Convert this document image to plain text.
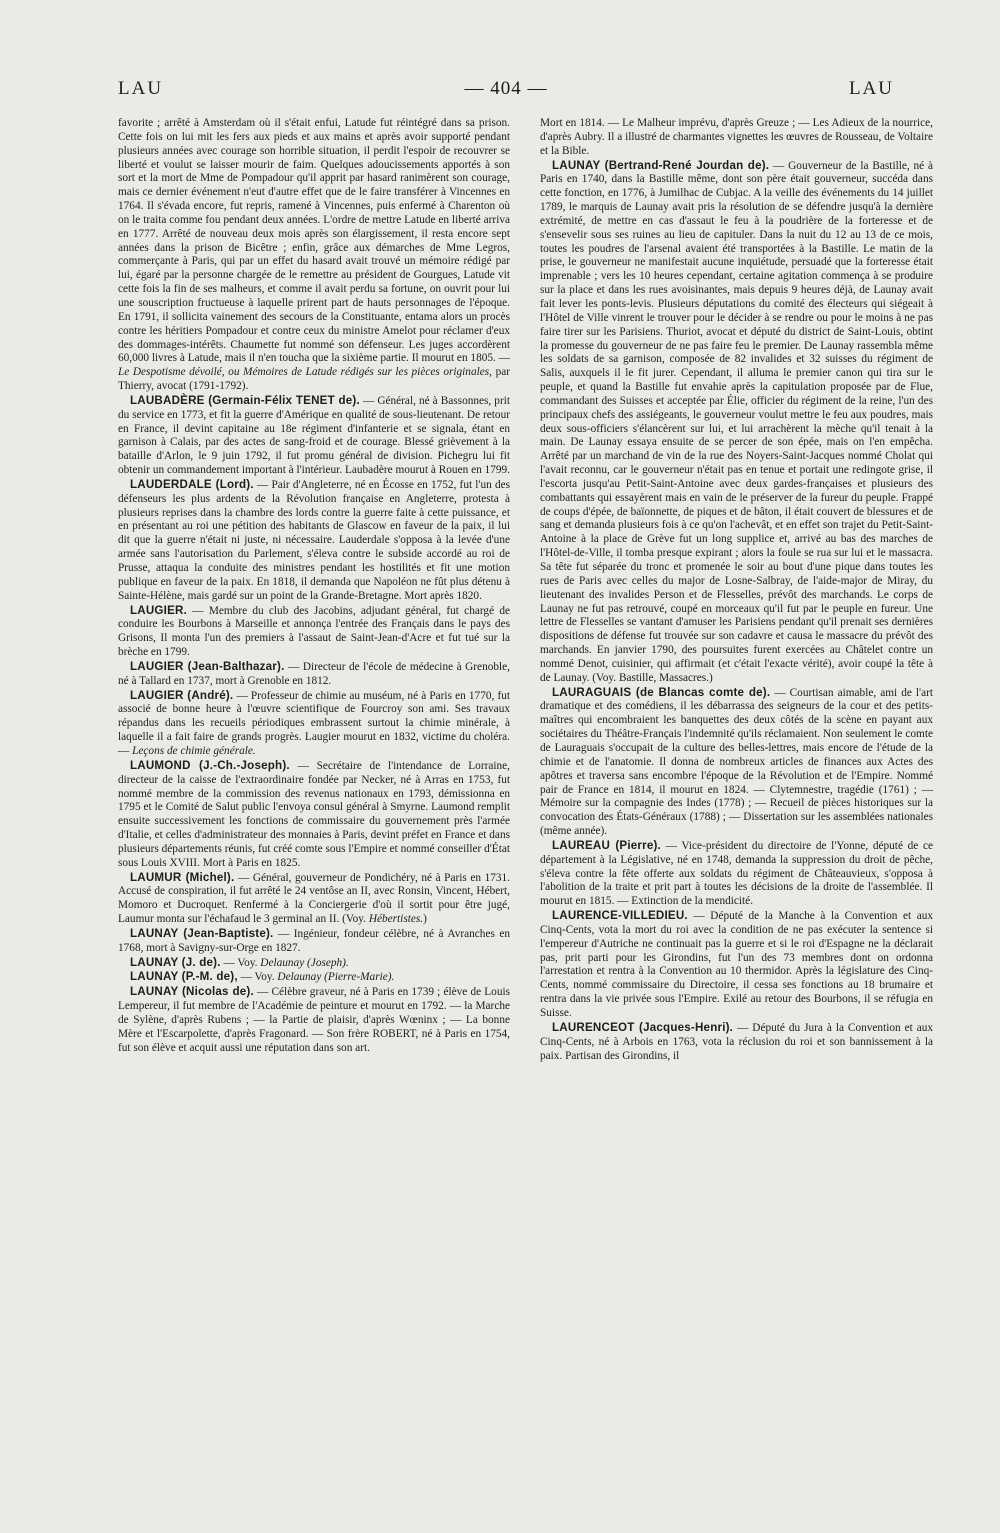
LAU	— 404 —	LAU

favorite ; arrêté à Amsterdam où il s'était enfui, Latude fut réintégré dans sa prison. Cette fois on lui mit les fers aux pieds et aux mains et après avoir supporté pendant plusieurs années avec courage son horrible situation, il perdit l'espoir de recouvrer se liberté et voulut se laisser mourir de faim. Quelques adoucissements apportés à son sort et la mort de Mme de Pompadour qu'il apprit par hasard ranimèrent son courage, mais ce dernier événement n'eut d'autre effet que de le faire transférer à Vincennes en 1764. Il s'évada encore, fut repris, ramené à Vincennes, puis enfermé à Charenton où on le traita comme fou pendant deux années. L'ordre de mettre Latude en liberté arriva en 1777. Arrêté de nouveau deux mois après son élargissement, il resta encore sept années dans la prison de Bicêtre ; enfin, grâce aux démarches de Mme Legros, commerçante à Paris, qui par un effet du hasard avait trouvé un mémoire rédigé par lui, égaré par la personne chargée de le remettre au président de Gourgues, Latude vit cette fois la fin de ses malheurs, et comme il avait perdu sa fortune, on ouvrit pour lui une souscription fructueuse à laquelle prirent part de hauts personnages de l'époque. En 1791, il sollicita vainement des secours de la Constituante, entama alors un procès contre les héritiers Pompadour et contre ceux du ministre Amelot pour réclamer d'eux des dommages-intérêts. Chaumette fut nommé son défenseur. Les juges accordèrent 60,000 livres à Latude, mais il n'en toucha que la sixième partie. Il mourut en 1805. — Le Despotisme dévoilé, ou Mémoires de Latude rédigés sur les pièces originales, par Thierry, avocat (1791-1792).

LAUBADÈRE (Germain-Félix TENET de). — Général, né à Bassonnes, prit du service en 1773, et fit la guerre d'Amérique en qualité de sous-lieutenant. De retour en France, il devint capitaine au 18e régiment d'infanterie et se signala, étant en garnison à Calais, par des actes de sang-froid et de courage. Blessé grièvement à la bataille d'Arlon, le 9 juin 1792, il fut promu général de division. Pichegru lui fit obtenir un commandement important à l'intérieur. Laubadère mourut à Rouen en 1799.

LAUDERDALE (Lord). — Pair d'Angleterre, né en Écosse en 1752, fut l'un des défenseurs les plus ardents de la Révolution française en Angleterre, protesta à plusieurs reprises dans la chambre des lords contre la guerre faite à cette puissance, et en présentant au roi une pétition des habitants de Glascow en faveur de la paix, il lui dit que la guerre n'était ni juste, ni nécessaire. Lauderdale s'opposa à la levée d'une armée sans l'autorisation du Parlement, s'éleva contre le subside accordé au roi de Prusse, attaqua la conduite des ministres pendant les hostilités et fit une motion publique en faveur de la paix. En 1818, il demanda que Napoléon ne fût plus détenu à Sainte-Hélène, mais gardé sur un point de la Grande-Bretagne. Mort après 1820.

LAUGIER. — Membre du club des Jacobins, adjudant général, fut chargé de conduire les Bourbons à Marseille et annonça l'entrée des Français dans le pays des Grisons, Il monta l'un des premiers à l'assaut de Saint-Jean-d'Acre et fut tué sur la brèche en 1799.

LAUGIER (Jean-Balthazar). — Directeur de l'école de médecine à Grenoble, né à Tallard en 1737, mort à Grenoble en 1812.

LAUGIER (André). — Professeur de chimie au muséum, né à Paris en 1770, fut associé de bonne heure à l'œuvre scientifique de Fourcroy son ami. Ses travaux répandus dans les recueils périodiques embrassent surtout la chimie minérale, à laquelle il a fait faire de grands progrès. Laugier mourut en 1832, victime du choléra. — Leçons de chimie générale.

LAUMOND (J.-Ch.-Joseph). — Secrétaire de l'intendance de Lorraine, directeur de la caisse de l'extraordinaire fondée par Necker, né à Arras en 1753, fut nommé membre de la commission des revenus nationaux en 1793, démissionna en 1795 et le Comité de Salut public l'envoya consul général à Smyrne. Laumond remplit ensuite successivement les fonctions de commissaire du gouvernement près l'armée d'Italie, et celles d'administrateur des monnaies à Paris, devint préfet en France et dans plusieurs départements réunis, fut créé comte sous l'Empire et nommé conseiller d'État sous Louis XVIII. Mort à Paris en 1825.

LAUMUR (Michel). — Général, gouverneur de Pondichéry, né à Paris en 1731. Accusé de conspiration, il fut arrêté le 24 ventôse an II, avec Ronsin, Vincent, Hébert, Momoro et Ducroquet. Renfermé à la Conciergerie d'où il sortit pour être jugé, Laumur monta sur l'échafaud le 3 germinal an II. (Voy. Hébertistes.)

LAUNAY (Jean-Baptiste). — Ingénieur, fondeur célèbre, né à Avranches en 1768, mort à Savigny-sur-Orge en 1827.

LAUNAY (J. de). — Voy. Delaunay (Joseph).

LAUNAY (P.-M. de), — Voy. Delaunay (Pierre-Marie).

LAUNAY (Nicolas de). — Célèbre graveur, né à Paris en 1739 ; élève de Louis Lempereur, il fut membre de l'Académie de peinture et mourut en 1792. — la Marche de Sylène, d'après Rubens ; — la Partie de plaisir, d'après Wœninx ; — La bonne Mère et l'Escarpolette, d'après Fragonard. — Son frère ROBERT, né à Paris en 1754, fut son élève et acquit aussi une réputation dans son art.

Mort en 1814. — Le Malheur imprévu, d'après Greuze ; — Les Adieux de la nourrice, d'après Aubry. Il a illustré de charmantes vignettes les œuvres de Rousseau, de Voltaire et la Bible.

LAUNAY (Bertrand-René Jourdan de). — Gouverneur de la Bastille, né à Paris en 1740, dans la Bastille même, dont son père était gouverneur, succéda dans cette fonction, en 1776, à Jumilhac de Cubjac. A la veille des événements du 14 juillet 1789, le marquis de Launay avait pris la résolution de se défendre jusqu'à la dernière extrémité, de mettre en cas d'assaut le feu à la poudrière de la forteresse et de s'ensevelir sous ses ruines au lieu de capituler. Dans la nuit du 12 au 13 de ce mois, toutes les poudres de l'arsenal avaient été transportées à la Bastille. Le matin de la prise, le gouverneur ne manifestait aucune inquiétude, persuadé que la forteresse était imprenable ; vers les 10 heures cependant, certaine agitation commença à se produire sur la place et dans les rues avoisinantes, mais depuis 9 heures déjà, de Launay avait fait lever les ponts-levis. Plusieurs députations du comité des électeurs qui siégeait à l'Hôtel de Ville vinrent le trouver pour le décider à se rendre ou pour le moins à ne pas faire tirer sur les Parisiens. Thuriot, avocat et député du district de Saint-Louis, obtint la promesse du gouverneur de ne pas faire feu le premier. De Launay rassembla même les soldats de sa garnison, composée de 82 invalides et 32 suisses du régiment de Salis, auxquels il le fit jurer. Cependant, il alluma le premier canon qui tira sur le peuple, et quand la Bastille fut envahie après la capitulation proposée par de Flue, commandant des Suisses et acceptée par Élie, officier du régiment de la reine, l'un des principaux chefs des assiégeants, le gouverneur voulut mettre le feu aux poudres, mais deux sous-officiers s'élancèrent sur lui, et lui arrachèrent la mèche qu'il tenait à la main. De Launay essaya ensuite de se percer de son épée, mais on l'en empêcha. Arrêté par un marchand de vin de la rue des Noyers-Saint-Jacques nommé Cholat qui l'avait reconnu, car le gouverneur n'était pas en tenue et portait une redingote grise, il l'escorta jusqu'au Petit-Saint-Antoine avec deux gardes-françaises et plusieurs des combattants qui essayèrent mais en vain de le préserver de la fureur du peuple. Frappé de coups d'épée, de baïonnette, de piques et de bâton, il était couvert de blessures et de sang et demanda plusieurs fois à ce qu'on l'achevât, et en effet son trajet du Petit-Saint-Antoine à la place de Grève fut un long supplice et, arrivé au bas des marches de l'Hôtel-de-Ville, il tomba presque expirant ; alors la foule se rua sur lui et le massacra. Sa tête fut séparée du tronc et promenée le soir au bout d'une pique dans toutes les rues de Paris avec celles du major de Losne-Salbray, de l'aide-major de Miray, du lieutenant des invalides Person et de Flesselles, prévôt des marchands. Le corps de Launay ne fut pas retrouvé, coupé en morceaux qu'il fut par le peuple en fureur. Une lettre de Flesselles se vantant d'amuser les Parisiens pendant qu'il prenait ses dernières dispositions de défense fut trouvée sur son cadavre et causa le massacre du prévôt des marchands. En janvier 1790, des poursuites furent exercées au Châtelet contre un nommé Denot, cuisinier, qui affirmait (et c'était l'exacte vérité), avoir coupé la tête à de Launay. (Voy. Bastille, Massacres.)

LAURAGUAIS (de Blancas comte de). — Courtisan aimable, ami de l'art dramatique et des comédiens, il les débarrassa des seigneurs de la cour et des petits-maîtres qui encombraient les banquettes des deux côtés de la scène en payant aux sociétaires du Théâtre-Français l'indemnité qu'ils réclamaient. Non seulement le comte de Lauraguais s'occupait de la culture des belles-lettres, mais encore de l'étude de la chimie et de l'anatomie. Il donna de nombreux articles de finances aux Actes des apôtres et traversa sans encombre l'époque de la Révolution et de l'Empire. Nommé pair de France en 1814, il mourut en 1824. — Clytemnestre, tragédie (1761) ; — Mémoire sur la compagnie des Indes (1778) ; — Recueil de pièces historiques sur la convocation des États-Généraux (1788) ; — Dissertation sur les assemblées nationales (même année).

LAUREAU (Pierre). — Vice-président du directoire de l'Yonne, député de ce département à la Législative, né en 1748, demanda la suppression du droit de pêche, s'éleva contre la fête offerte aux soldats du régiment de Châteauvieux, s'opposa à l'abolition de la traite et prit part à toutes les décisions de la droite de l'assemblée. Il mourut en 1815. — Extinction de la mendicité.

LAURENCE-VILLEDIEU. — Député de la Manche à la Convention et aux Cinq-Cents, vota la mort du roi avec la condition de ne pas exécuter la sentence si l'empereur d'Autriche ne continuait pas la guerre et si le roi d'Espagne ne la déclarait pas, prit parti pour les Girondins, fut l'un des 73 membres dont on ordonna l'arrestation et rentra à la Convention au 10 thermidor. Après la législature des Cinq-Cents, nommé commissaire du Directoire, il cessa ses fonctions au 18 brumaire et rentra dans la vie privée sous l'Empire. Exilé au retour des Bourbons, il se réfugia en Suisse.

LAURENCEOT (Jacques-Henri). — Député du Jura à la Convention et aux Cinq-Cents, né à Arbois en 1763, vota la réclusion du roi et son bannissement à la paix. Partisan des Girondins, il
